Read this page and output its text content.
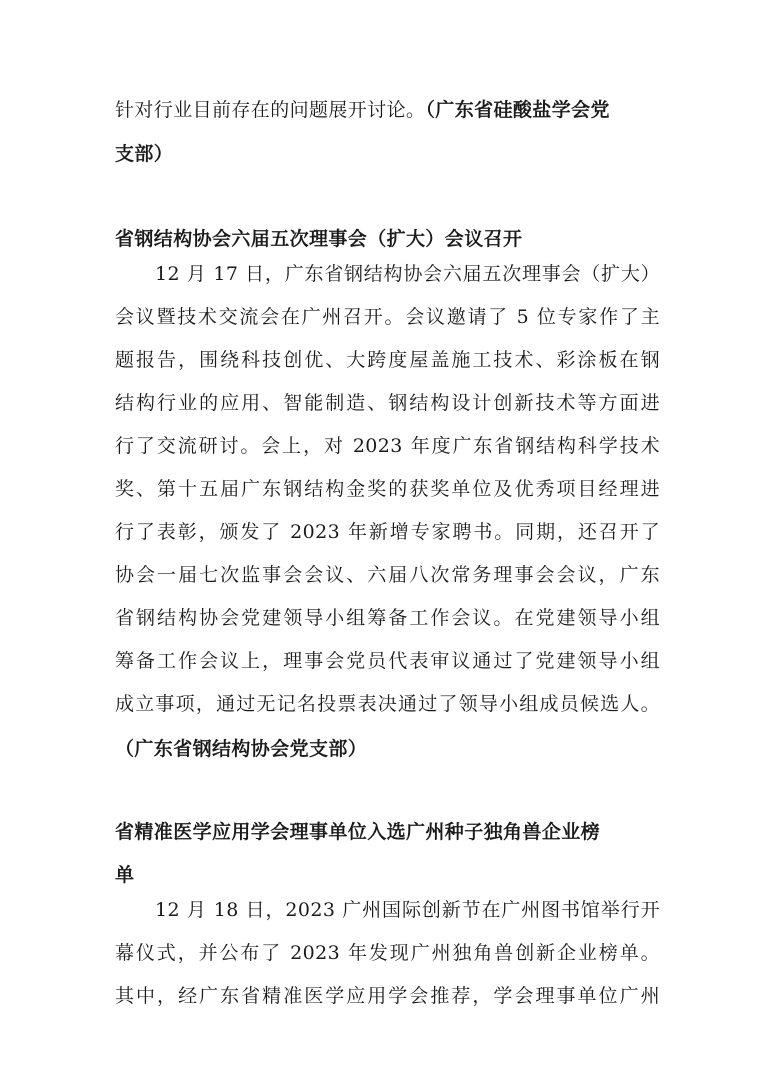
针对行业目前存在的问题展开讨论。（广东省硅酸盐学会党
支部）
省钢结构协会六届五次理事会（扩大）会议召开
12 月 17 日，广东省钢结构协会六届五次理事会（扩大）
会议暨技术交流会在广州召开。会议邀请了 5 位专家作了主
题报告，围绕科技创优、大跨度屋盖施工技术、彩涂板在钢
结构行业的应用、智能制造、钢结构设计创新技术等方面进
行了交流研讨。会上，对 2023 年度广东省钢结构科学技术
奖、第十五届广东钢结构金奖的获奖单位及优秀项目经理进
行了表彰，颁发了 2023 年新增专家聘书。同期，还召开了
协会一届七次监事会会议、六届八次常务理事会会议，广东
省钢结构协会党建领导小组筹备工作会议。在党建领导小组
筹备工作会议上，理事会党员代表审议通过了党建领导小组
成立事项，通过无记名投票表决通过了领导小组成员候选人。
（广东省钢结构协会党支部）
省精准医学应用学会理事单位入选广州种子独角兽企业榜
单
12 月 18 日，2023 广州国际创新节在广州图书馆举行开
幕仪式，并公布了 2023 年发现广州独角兽创新企业榜单。
其中，经广东省精准医学应用学会推荐，学会理事单位广州
